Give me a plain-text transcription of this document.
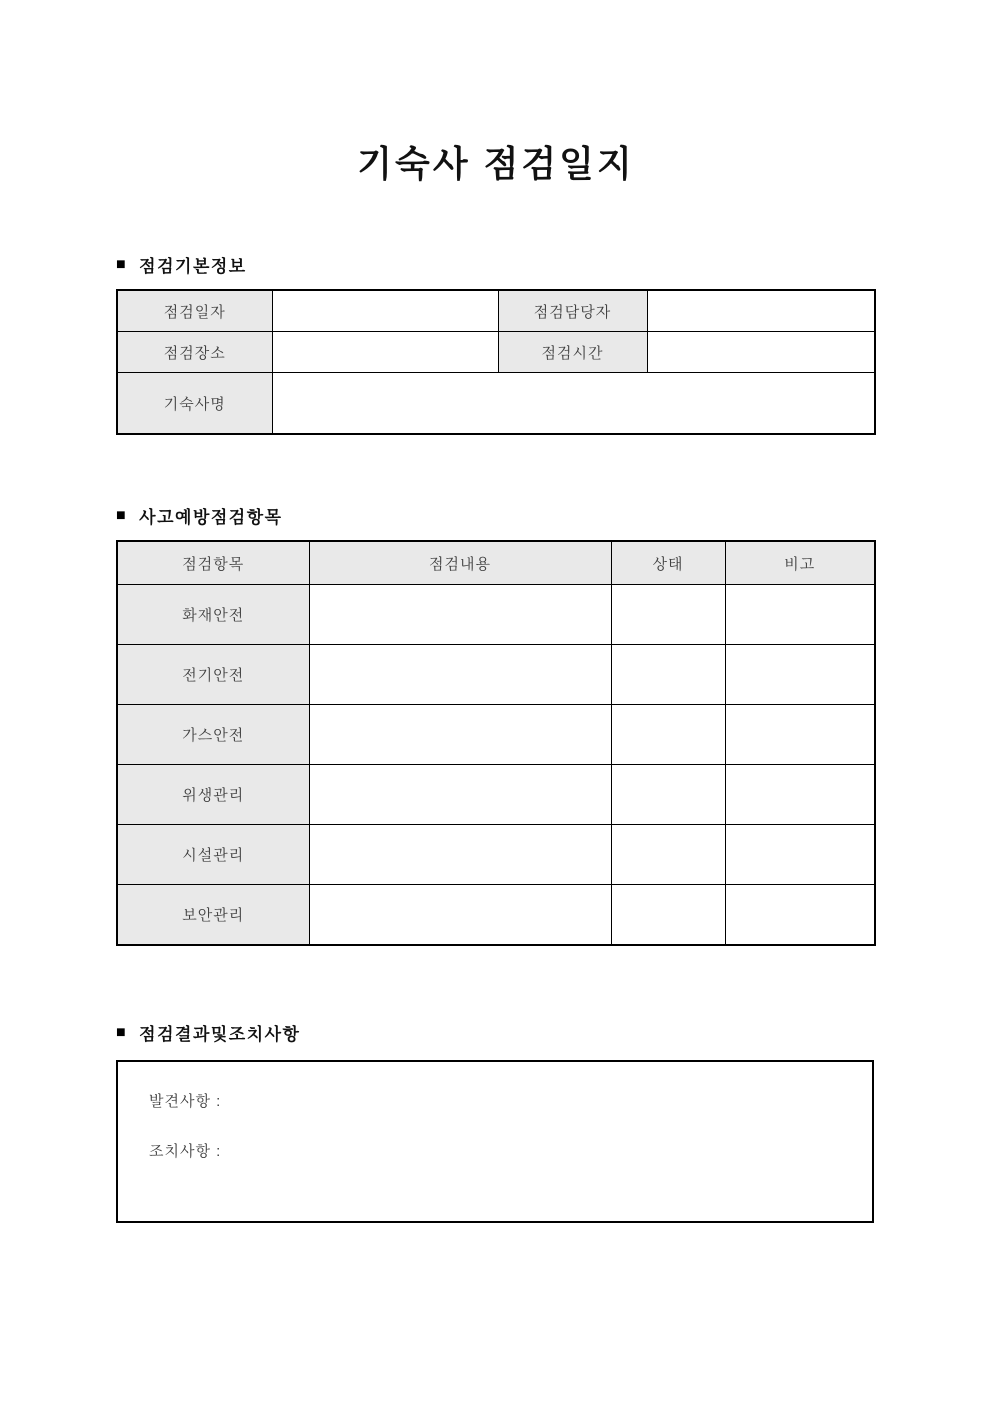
기숙사 점검일지
■ 점검기본정보
점검일자		점검담당자	
점검장소		점검시간	
기숙사명			
■ 사고예방점검항목
점검항목	점검내용	상태	비고
화재안전			
전기안전			
가스안전			
위생관리			
시설관리			
보안관리			
■ 점검결과및조치사항
발견사항 :
조치사항 :
